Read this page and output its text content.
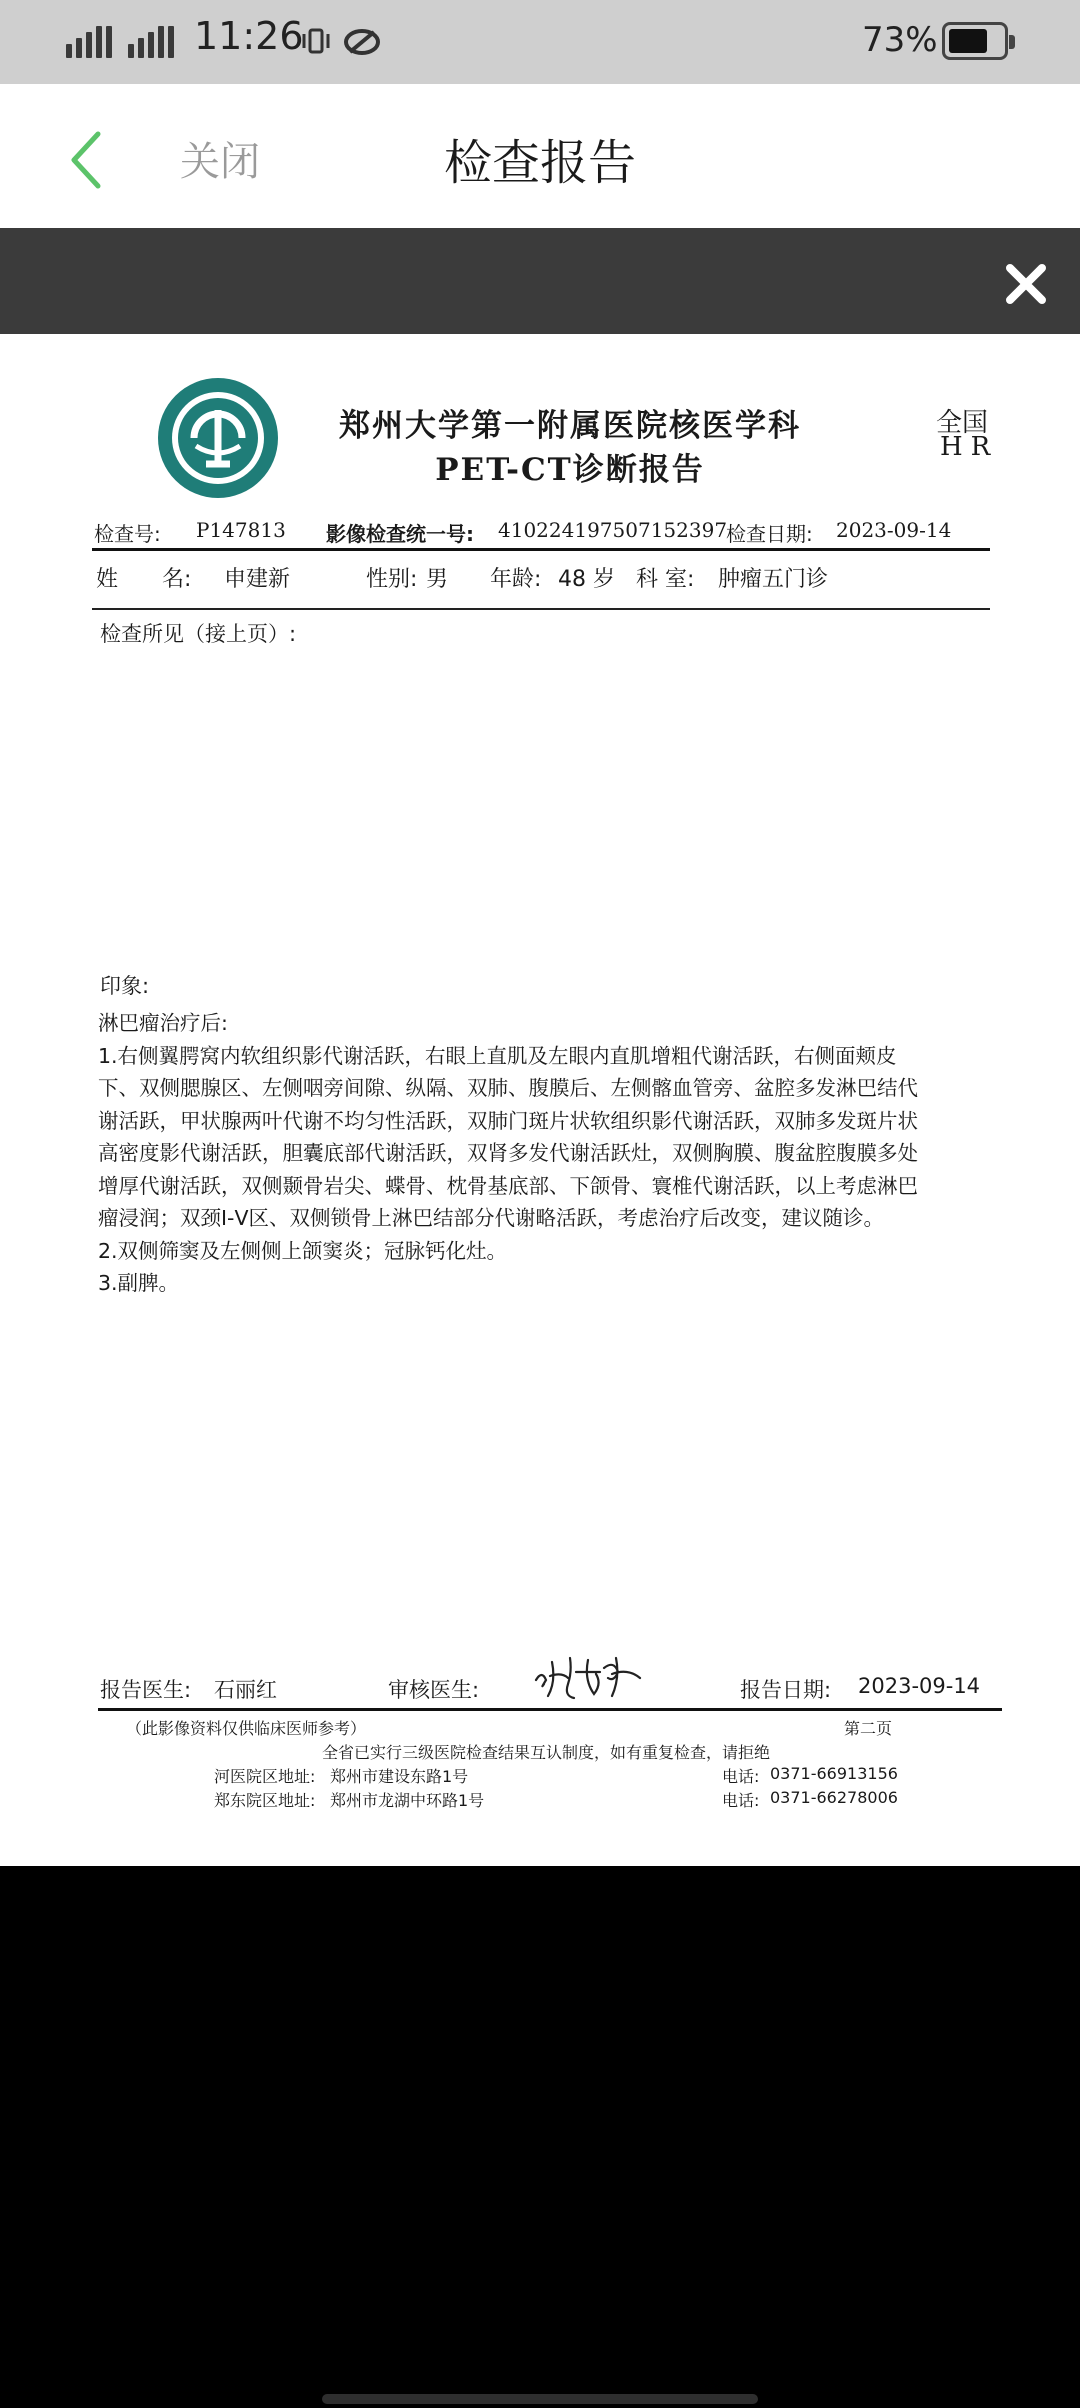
11:26	73%
关闭	检查报告
郑州大学第一附属医院核医学科
PET-CT诊断报告
全国
HR
检查号: P147813 影像检查统一号: 410224197507152397
检查日期: 2023-09-14
姓　　名: 申建新	性别: 男 年龄: 48 岁 科 室: 肿瘤五门诊
检查所见（接上页）:
印象:
淋巴瘤治疗后:
1.右侧翼腭窝内软组织影代谢活跃，右眼上直肌及左眼内直肌增粗代谢活跃，右侧面颊皮
下、双侧腮腺区、左侧咽旁间隙、纵隔、双肺、腹膜后、左侧髂血管旁、盆腔多发淋巴结代
谢活跃，甲状腺两叶代谢不均匀性活跃，双肺门斑片状软组织影代谢活跃，双肺多发斑片状
高密度影代谢活跃，胆囊底部代谢活跃，双肾多发代谢活跃灶，双侧胸膜、腹盆腔腹膜多处
增厚代谢活跃，双侧颞骨岩尖、蝶骨、枕骨基底部、下颌骨、寰椎代谢活跃，以上考虑淋巴
瘤浸润；双颈Ⅰ-Ⅴ区、双侧锁骨上淋巴结部分代谢略活跃，考虑治疗后改变，建议随诊。
2.双侧筛窦及左侧侧上颌窦炎；冠脉钙化灶。
3.副脾。
报告医生: 石丽红	审核医生:	报告日期: 2023-09-14
（此影像资料仅供临床医师参考）	第二页
全省已实行三级医院检查结果互认制度，如有重复检查，请拒绝
河医院区地址: 郑州市建设东路1号	电话: 0371-66913156
郑东院区地址: 郑州市龙湖中环路1号	电话: 0371-66278006
